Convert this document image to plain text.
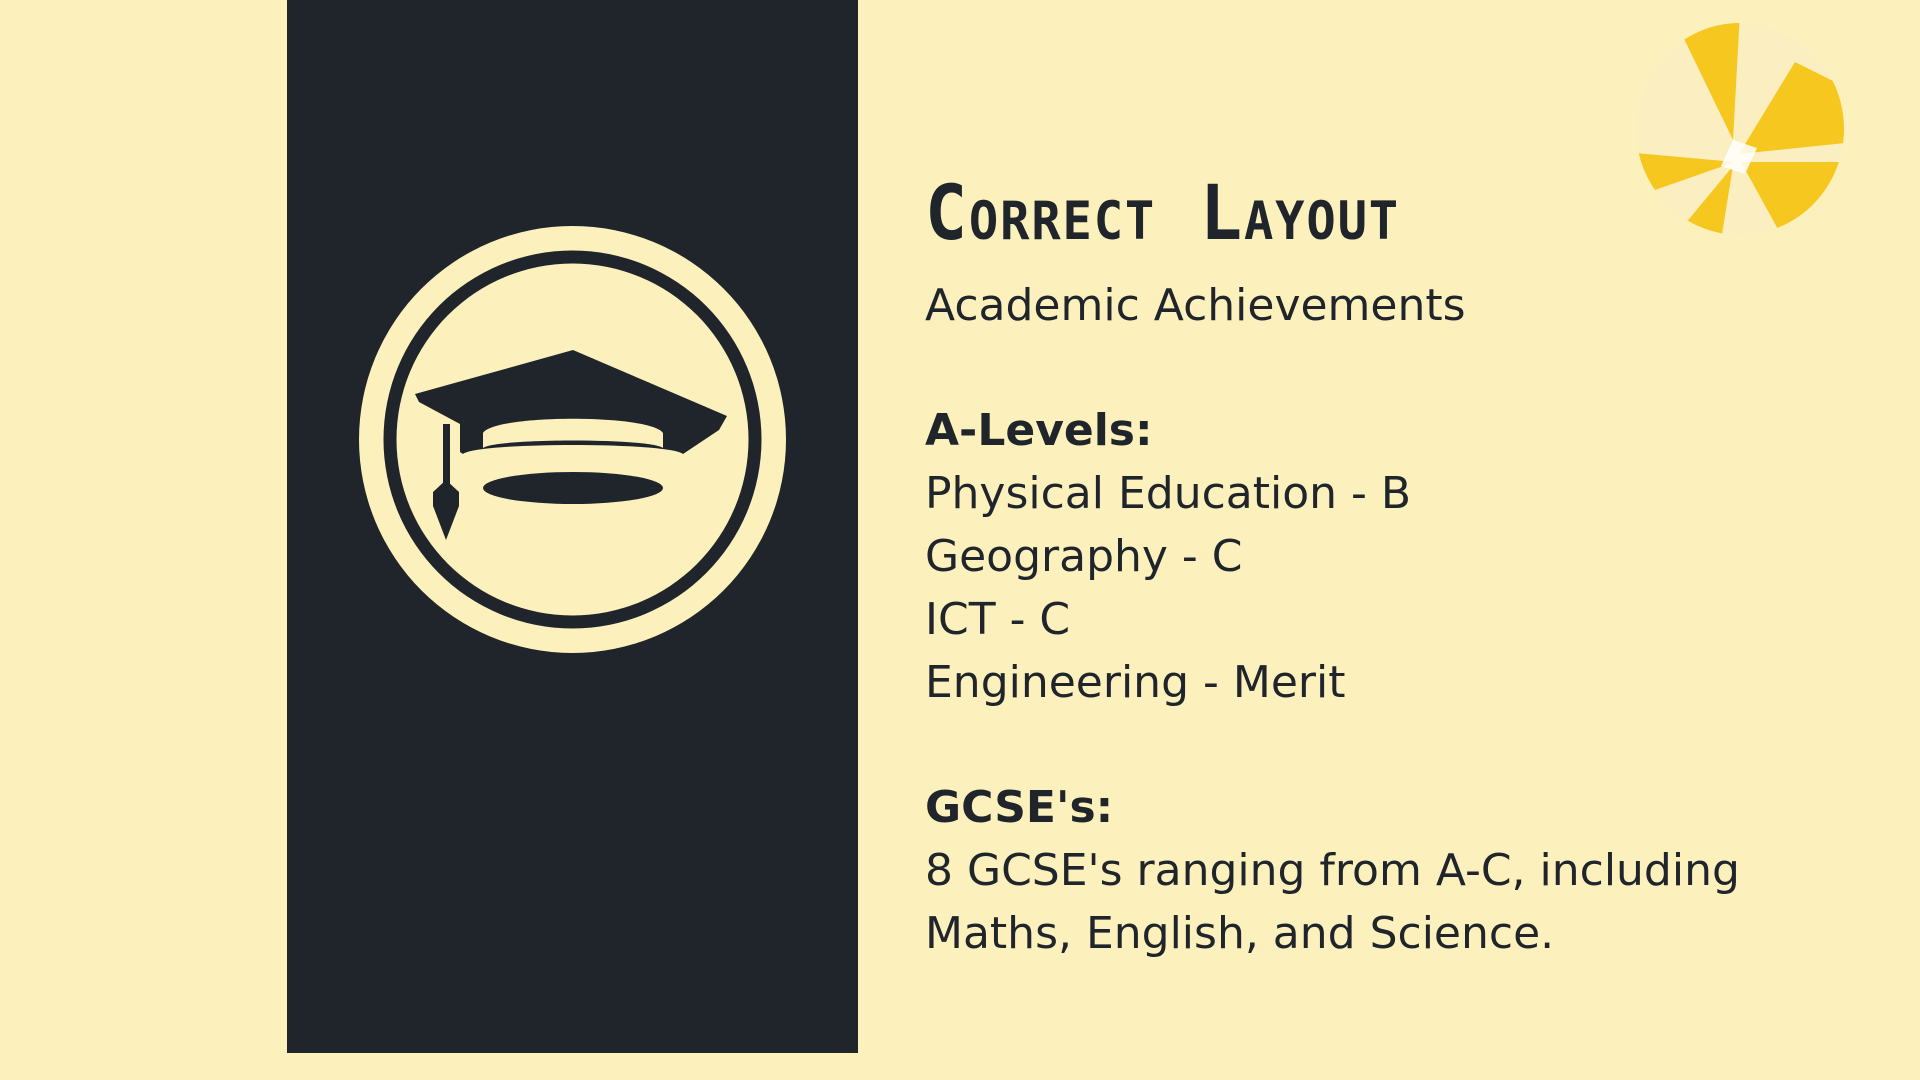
Correct Layout
Academic Achievements
A-Levels:
Physical Education - B
Geography - C
ICT - C
Engineering - Merit
GCSE's:
8 GCSE's ranging from A-C, including
Maths, English, and Science.
